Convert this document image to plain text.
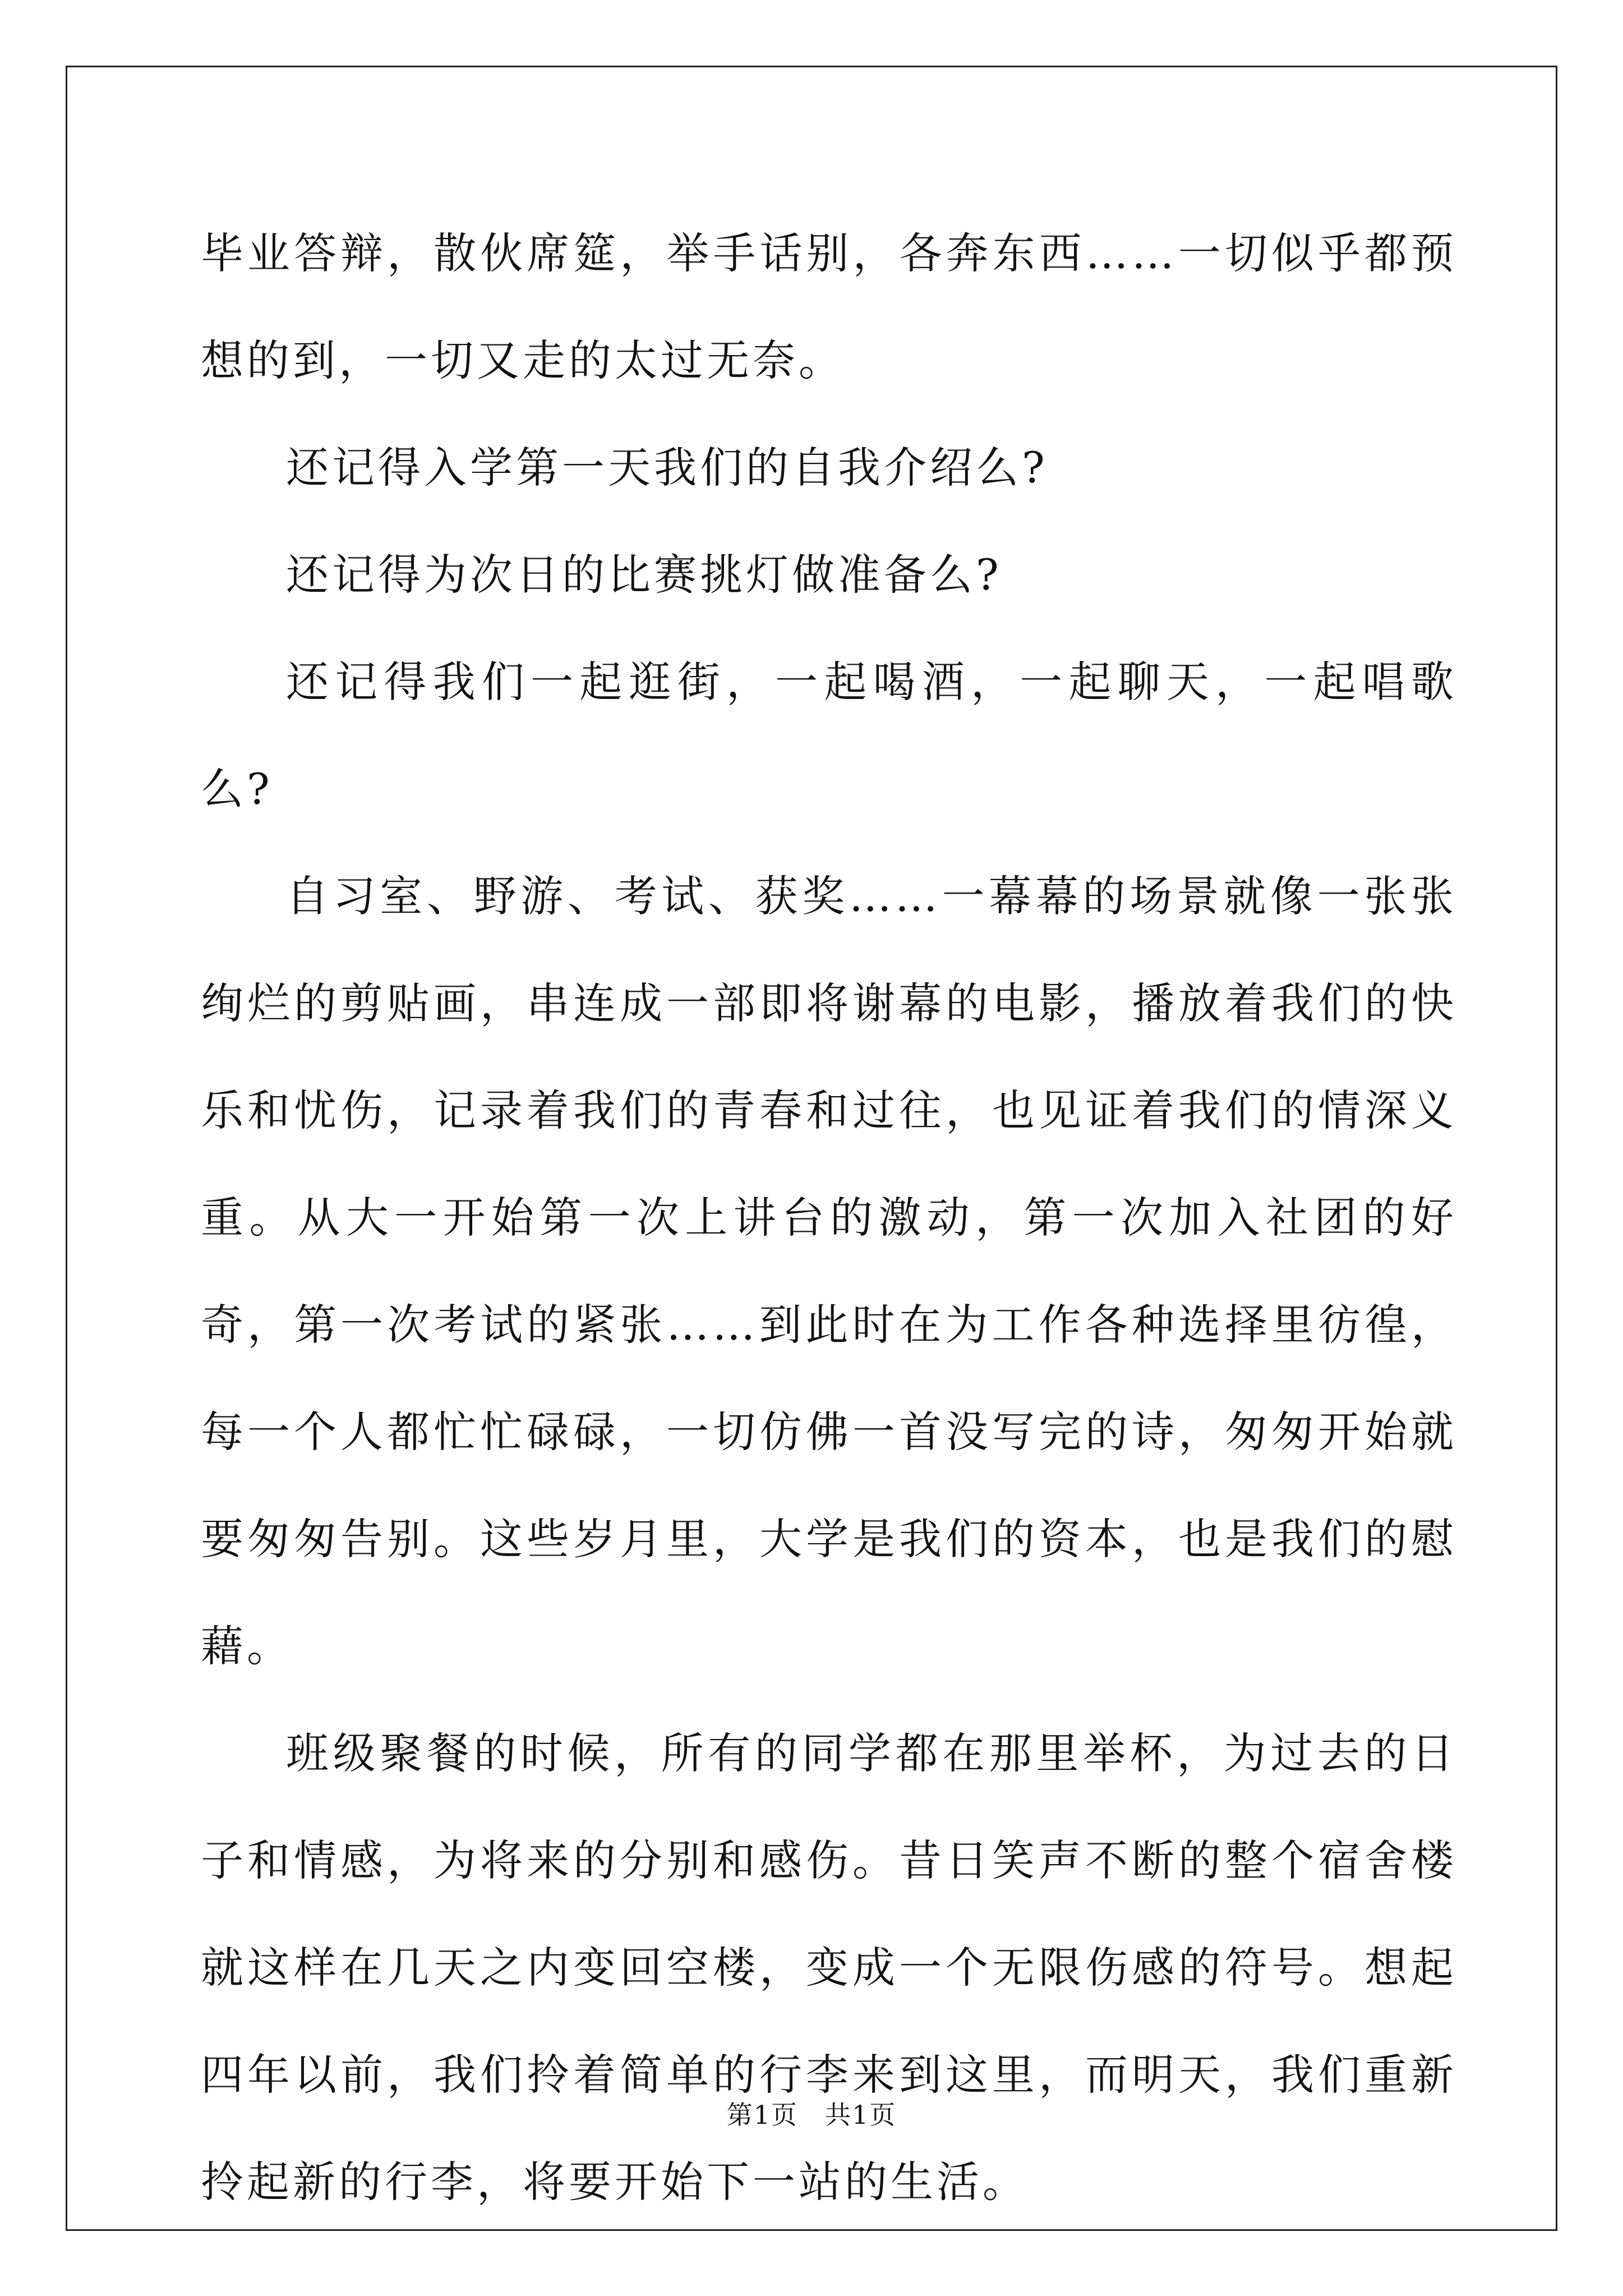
毕业答辩，散伙席筵，举手话别，各奔东西……一切似乎都预想的到，一切又走的太过无奈。

还记得入学第一天我们的自我介绍么?

还记得为次日的比赛挑灯做准备么?

还记得我们一起逛街，一起喝酒，一起聊天，一起唱歌么?

自习室、野游、考试、获奖……一幕幕的场景就像一张张绚烂的剪贴画，串连成一部即将谢幕的电影，播放着我们的快乐和忧伤，记录着我们的青春和过往，也见证着我们的情深义重。从大一开始第一次上讲台的激动，第一次加入社团的好奇，第一次考试的紧张……到此时在为工作各种选择里彷徨，每一个人都忙忙碌碌，一切仿佛一首没写完的诗，匆匆开始就要匆匆告别。这些岁月里，大学是我们的资本，也是我们的慰藉。

班级聚餐的时候，所有的同学都在那里举杯，为过去的日子和情感，为将来的分别和感伤。昔日笑声不断的整个宿舍楼就这样在几天之内变回空楼，变成一个无限伤感的符号。想起四年以前，我们拎着简单的行李来到这里，而明天，我们重新拎起新的行李，将要开始下一站的生活。

第1页　共1页
